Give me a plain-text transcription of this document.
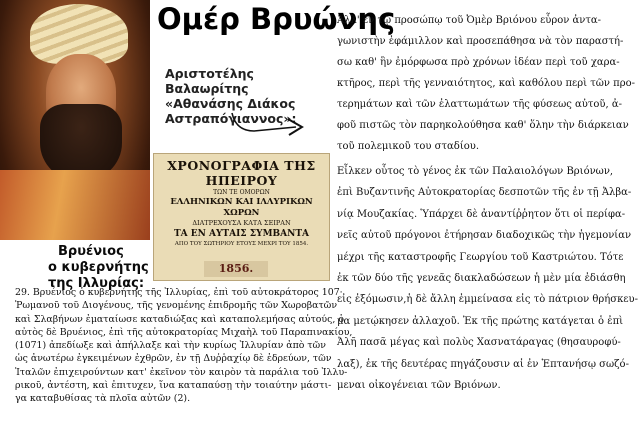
Ομέρ Βρυώνης
Αριστοτέλης Βαλαωρίτης
«Αθανάσης Διάκος
Αστραπόγιαννος»:
ΧΡΟΝΟΓΡΑΦΙΑ ΤΗΣ ΗΠΕΙΡΟΥ
ΤΩΝ ΤΕ ΟΜΟΡΩΝ
ΕΛΛΗΝΙΚΩΝ ΚΑΙ ΙΛΛΥΡΙΚΩΝ ΧΩΡΩΝ
ΔΙΑΤΡΕΧΟΥΣΑ ΚΑΤΑ ΣΕΙΡΑΝ
ΤΑ ΕΝ ΑΥΤΑΙΣ ΣΥΜΒΑΝΤΑ
ΑΠΟ ΤΟΥ ΣΩΤΗΡΙΟΥ ΕΤΟΥΣ ΜΕΧΡΙ ΤΟΥ 1854.
1856.
Βρυένιος
ο κυβερνήτης της Ιλλυρίας:
29. Βρυένιος ὁ κυβερνήτης τῆς Ἰλλυρίας, ἐπὶ τοῦ αὐτοκράτορος 107·
Ῥωμανοῦ τοῦ Διογένους, τῆς γενομένης ἐπιδρομῆς τῶν Χωροβατῶν
καὶ Σλαβήνων ἐματαίωσε καταδιώξας καὶ καταπολεμήσας αὐτούς, ὁ
αὐτὸς δὲ Βρυένιος, ἐπὶ τῆς αὐτοκρατορίας Μιχαὴλ τοῦ Παραπινακίου,
(1071) ἀπεδίωξε καὶ ἀπήλλαξε καὶ τὴν κυρίως Ἰλλυρίαν ἀπὸ τῶν
ὡς ἀνωτέρω ἐγκειμένων ἐχθρῶν, ἐν τῇ Δυῤῥαχίῳ δὲ ἑδρεύων, τῶν
Ἰταλῶν ἐπιχειρούντων κατ' ἐκεῖνον τὸν καιρὸν τὰ παράλια τοῦ Ἰλλυ-
ρικοῦ, ἀντέστη, καὶ ἐπιτυχεν, ἵνα καταπαύσῃ τὴν τοιαύτην μάστι-
γα καταβυθίσας τὰ πλοῖα αὐτῶν (2).
Ἀλλ' ἐν τῷ προσώπῳ τοῦ Ὀμὲρ Βριόνου εὗρον ἀντα-
γωνιστὴν ἐφάμιλλον καὶ προσεπάθησα νὰ τὸν παραστή-
σω καθ' ἣν ἐμόρφωσα πρὸ χρόνων ἰδέαν περὶ τοῦ χαρα-
κτῆρος, περὶ τῆς γενναιότητος, καὶ καθόλου περὶ τῶν προ-
τερημάτων καὶ τῶν ἐλαττωμάτων τῆς φύσεως αὐτοῦ, ἀ-
φοῦ πιστῶς τὸν παρηκολούθησα καθ' ὅλην τὴν διάρκειαν
τοῦ πολεμικοῦ του σταδίου.
Εἶλκεν οὗτος τὸ γένος ἐκ τῶν Παλαιολόγων Βριόνων,
ἐπὶ Βυζαντινῆς Αὐτοκρατορίας δεσποτῶν τῆς ἐν τῇ Ἀλβα-
νίᾳ Μουζακίας. Ὑπάρχει δὲ ἀναντίῤῥητον ὅτι οἱ περίφα-
νεῖς αὐτοῦ πρόγονοι ἐτήρησαν διαδοχικῶς τὴν ἡγεμονίαν
μέχρι τῆς καταστροφῆς Γεωργίου τοῦ Καστριώτου. Τότε
ἐκ τῶν δύο τῆς γενεᾶς διακλαδώσεων ἡ μὲν μία ἐδιάσθη
εἰς ἐξόμωσιν,ἡ δὲ ἄλλη ἐμμείνασα εἰς τὸ πάτριον θρήσκευ-
μα μετῴκησεν ἀλλαχοῦ. Ἐκ τῆς πρώτης κατάγεται ὁ ἐπὶ
Ἀλῆ πασᾶ μέγας καὶ πολὺς Χασνατάραγας (θησαυροφύ-
λαξ), ἐκ τῆς δευτέρας πηγάζουσιν αἱ ἐν Ἑπτανήσῳ σωζό-
μεναι οἰκογένειαι τῶν Βριόνων.
